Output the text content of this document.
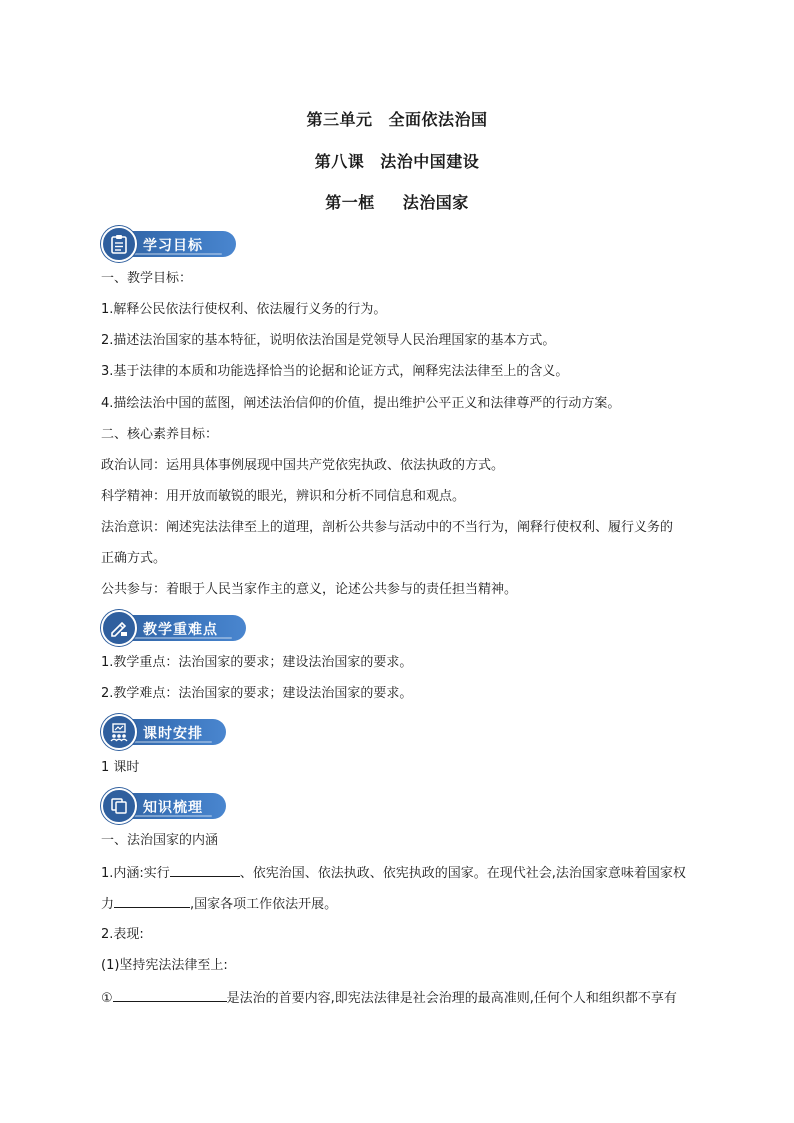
第三单元 全面依法治国
第八课 法治中国建设
第一框 法治国家
学习目标
一、教学目标：
1.解释公民依法行使权利、依法履行义务的行为。
2.描述法治国家的基本特征，说明依法治国是党领导人民治理国家的基本方式。
3.基于法律的本质和功能选择恰当的论据和论证方式，阐释宪法法律至上的含义。
4.描绘法治中国的蓝图，阐述法治信仰的价值，提出维护公平正义和法律尊严的行动方案。
二、核心素养目标：
政治认同：运用具体事例展现中国共产党依宪执政、依法执政的方式。
科学精神：用开放而敏锐的眼光，辨识和分析不同信息和观点。
法治意识：阐述宪法法律至上的道理，剖析公共参与活动中的不当行为，阐释行使权利、履行义务的
正确方式。
公共参与：着眼于人民当家作主的意义，论述公共参与的责任担当精神。
教学重难点
1.教学重点：法治国家的要求；建设法治国家的要求。
2.教学难点：法治国家的要求；建设法治国家的要求。
课时安排
1 课时
知识梳理
一、法治国家的内涵
1.内涵:实行	、依宪治国、依法执政、依宪执政的国家。在现代社会,法治国家意味着国家权
力	,国家各项工作依法开展。
2.表现:
(1)坚持宪法法律至上:
①	是法治的首要内容,即宪法法律是社会治理的最高准则,任何个人和组织都不享有
